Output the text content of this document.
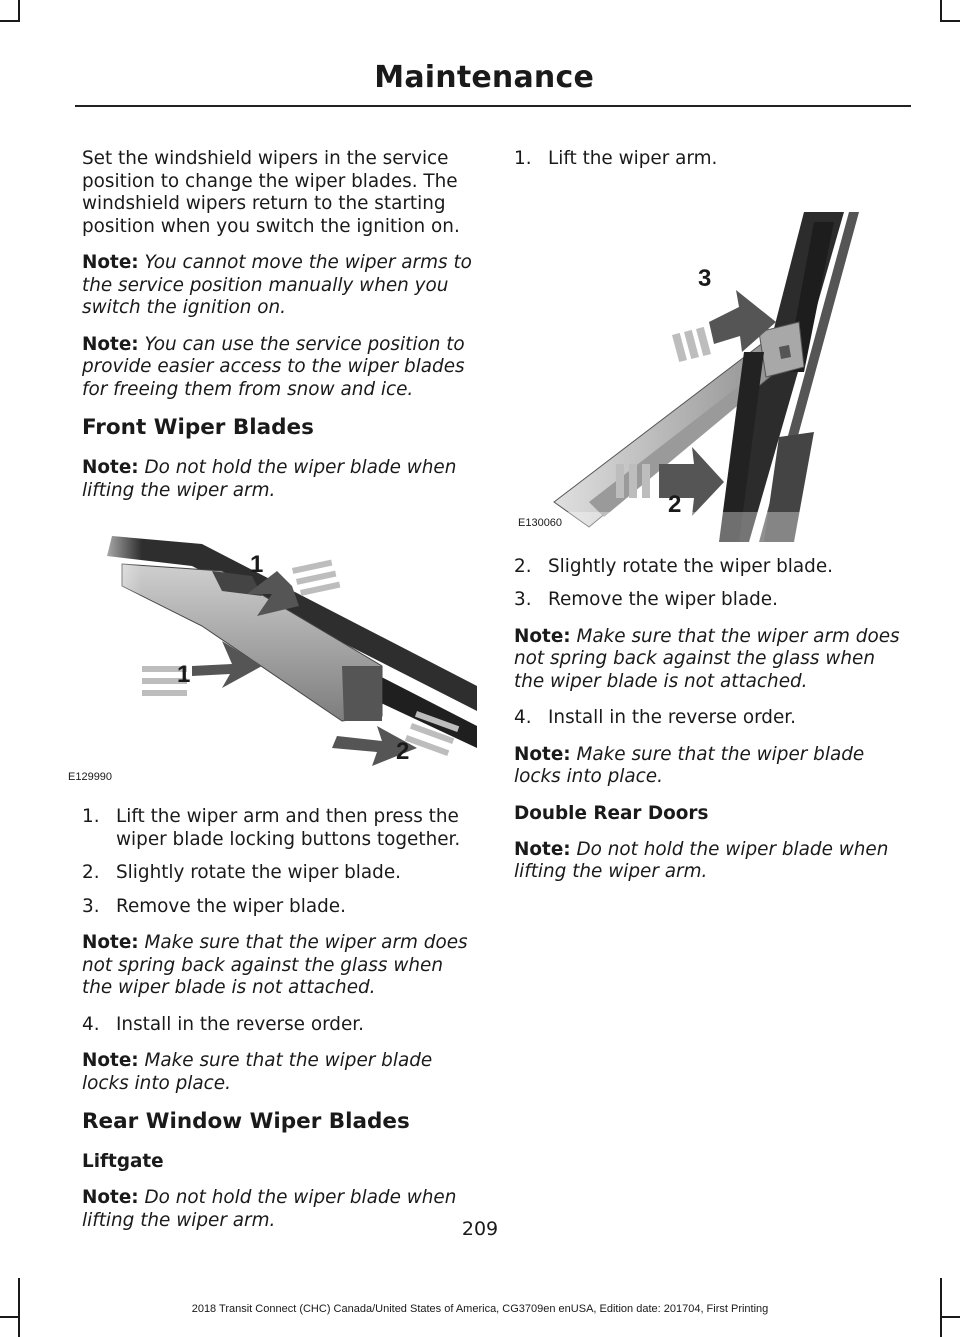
Maintenance

Set the windshield wipers in the service position to change the wiper blades. The windshield wipers return to the starting position when you switch the ignition on.

Note: You cannot move the wiper arms to the service position manually when you switch the ignition on.

Note: You can use the service position to provide easier access to the wiper blades for freeing them from snow and ice.

Front Wiper Blades

Note: Do not hold the wiper blade when lifting the wiper arm.

1
1
2
E129990
1. Lift the wiper arm and then press the wiper blade locking buttons together.
2. Slightly rotate the wiper blade.
3. Remove the wiper blade.

Note: Make sure that the wiper arm does not spring back against the glass when the wiper blade is not attached.

4. Install in the reverse order.

Note: Make sure that the wiper blade locks into place.

Rear Window Wiper Blades
Liftgate

Note: Do not hold the wiper blade when lifting the wiper arm.

1. Lift the wiper arm.
3
2
E130060
2. Slightly rotate the wiper blade.
3. Remove the wiper blade.

Note: Make sure that the wiper arm does not spring back against the glass when the wiper blade is not attached.

4. Install in the reverse order.

Note: Make sure that the wiper blade locks into place.

Double Rear Doors

Note: Do not hold the wiper blade when lifting the wiper arm.

209
2018 Transit Connect (CHC) Canada/United States of America, CG3709en enUSA, Edition date: 201704, First Printing
